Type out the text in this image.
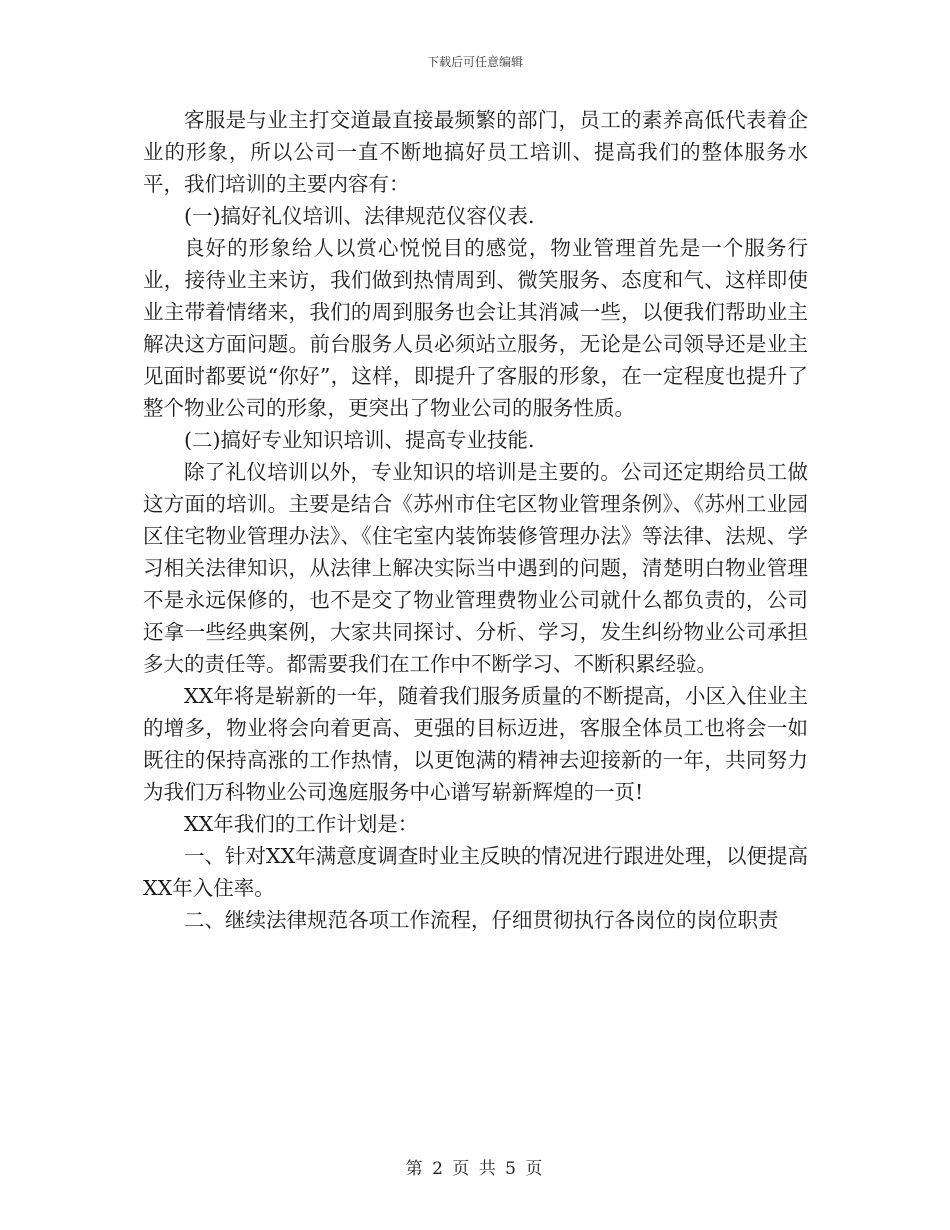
下载后可任意编辑

客服是与业主打交道最直接最频繁的部门，员工的素养高低代表着企业的形象，所以公司一直不断地搞好员工培训、提高我们的整体服务水平，我们培训的主要内容有：

(一)搞好礼仪培训、法律规范仪容仪表.

良好的形象给人以赏心悦悦目的感觉，物业管理首先是一个服务行业，接待业主来访，我们做到热情周到、微笑服务、态度和气、这样即使业主带着情绪来，我们的周到服务也会让其消减一些，以便我们帮助业主解决这方面问题。前台服务人员必须站立服务，无论是公司领导还是业主见面时都要说“你好”，这样，即提升了客服的形象，在一定程度也提升了整个物业公司的形象，更突出了物业公司的服务性质。

(二)搞好专业知识培训、提高专业技能.

除了礼仪培训以外，专业知识的培训是主要的。公司还定期给员工做这方面的培训。主要是结合《苏州市住宅区物业管理条例》、《苏州工业园区住宅物业管理办法》、《住宅室内装饰装修管理办法》等法律、法规、学习相关法律知识，从法律上解决实际当中遇到的问题，清楚明白物业管理不是永远保修的，也不是交了物业管理费物业公司就什么都负责的，公司还拿一些经典案例，大家共同探讨、分析、学习，发生纠纷物业公司承担多大的责任等。都需要我们在工作中不断学习、不断积累经验。

XX年将是崭新的一年，随着我们服务质量的不断提高，小区入住业主的增多，物业将会向着更高、更强的目标迈进，客服全体员工也将会一如既往的保持高涨的工作热情，以更饱满的精神去迎接新的一年，共同努力为我们万科物业公司逸庭服务中心谱写崭新辉煌的一页!

XX年我们的工作计划是：

一、针对XX年满意度调查时业主反映的情况进行跟进处理，以便提高XX年入住率。

二、继续法律规范各项工作流程，仔细贯彻执行各岗位的岗位职责

第 2 页 共 5 页
